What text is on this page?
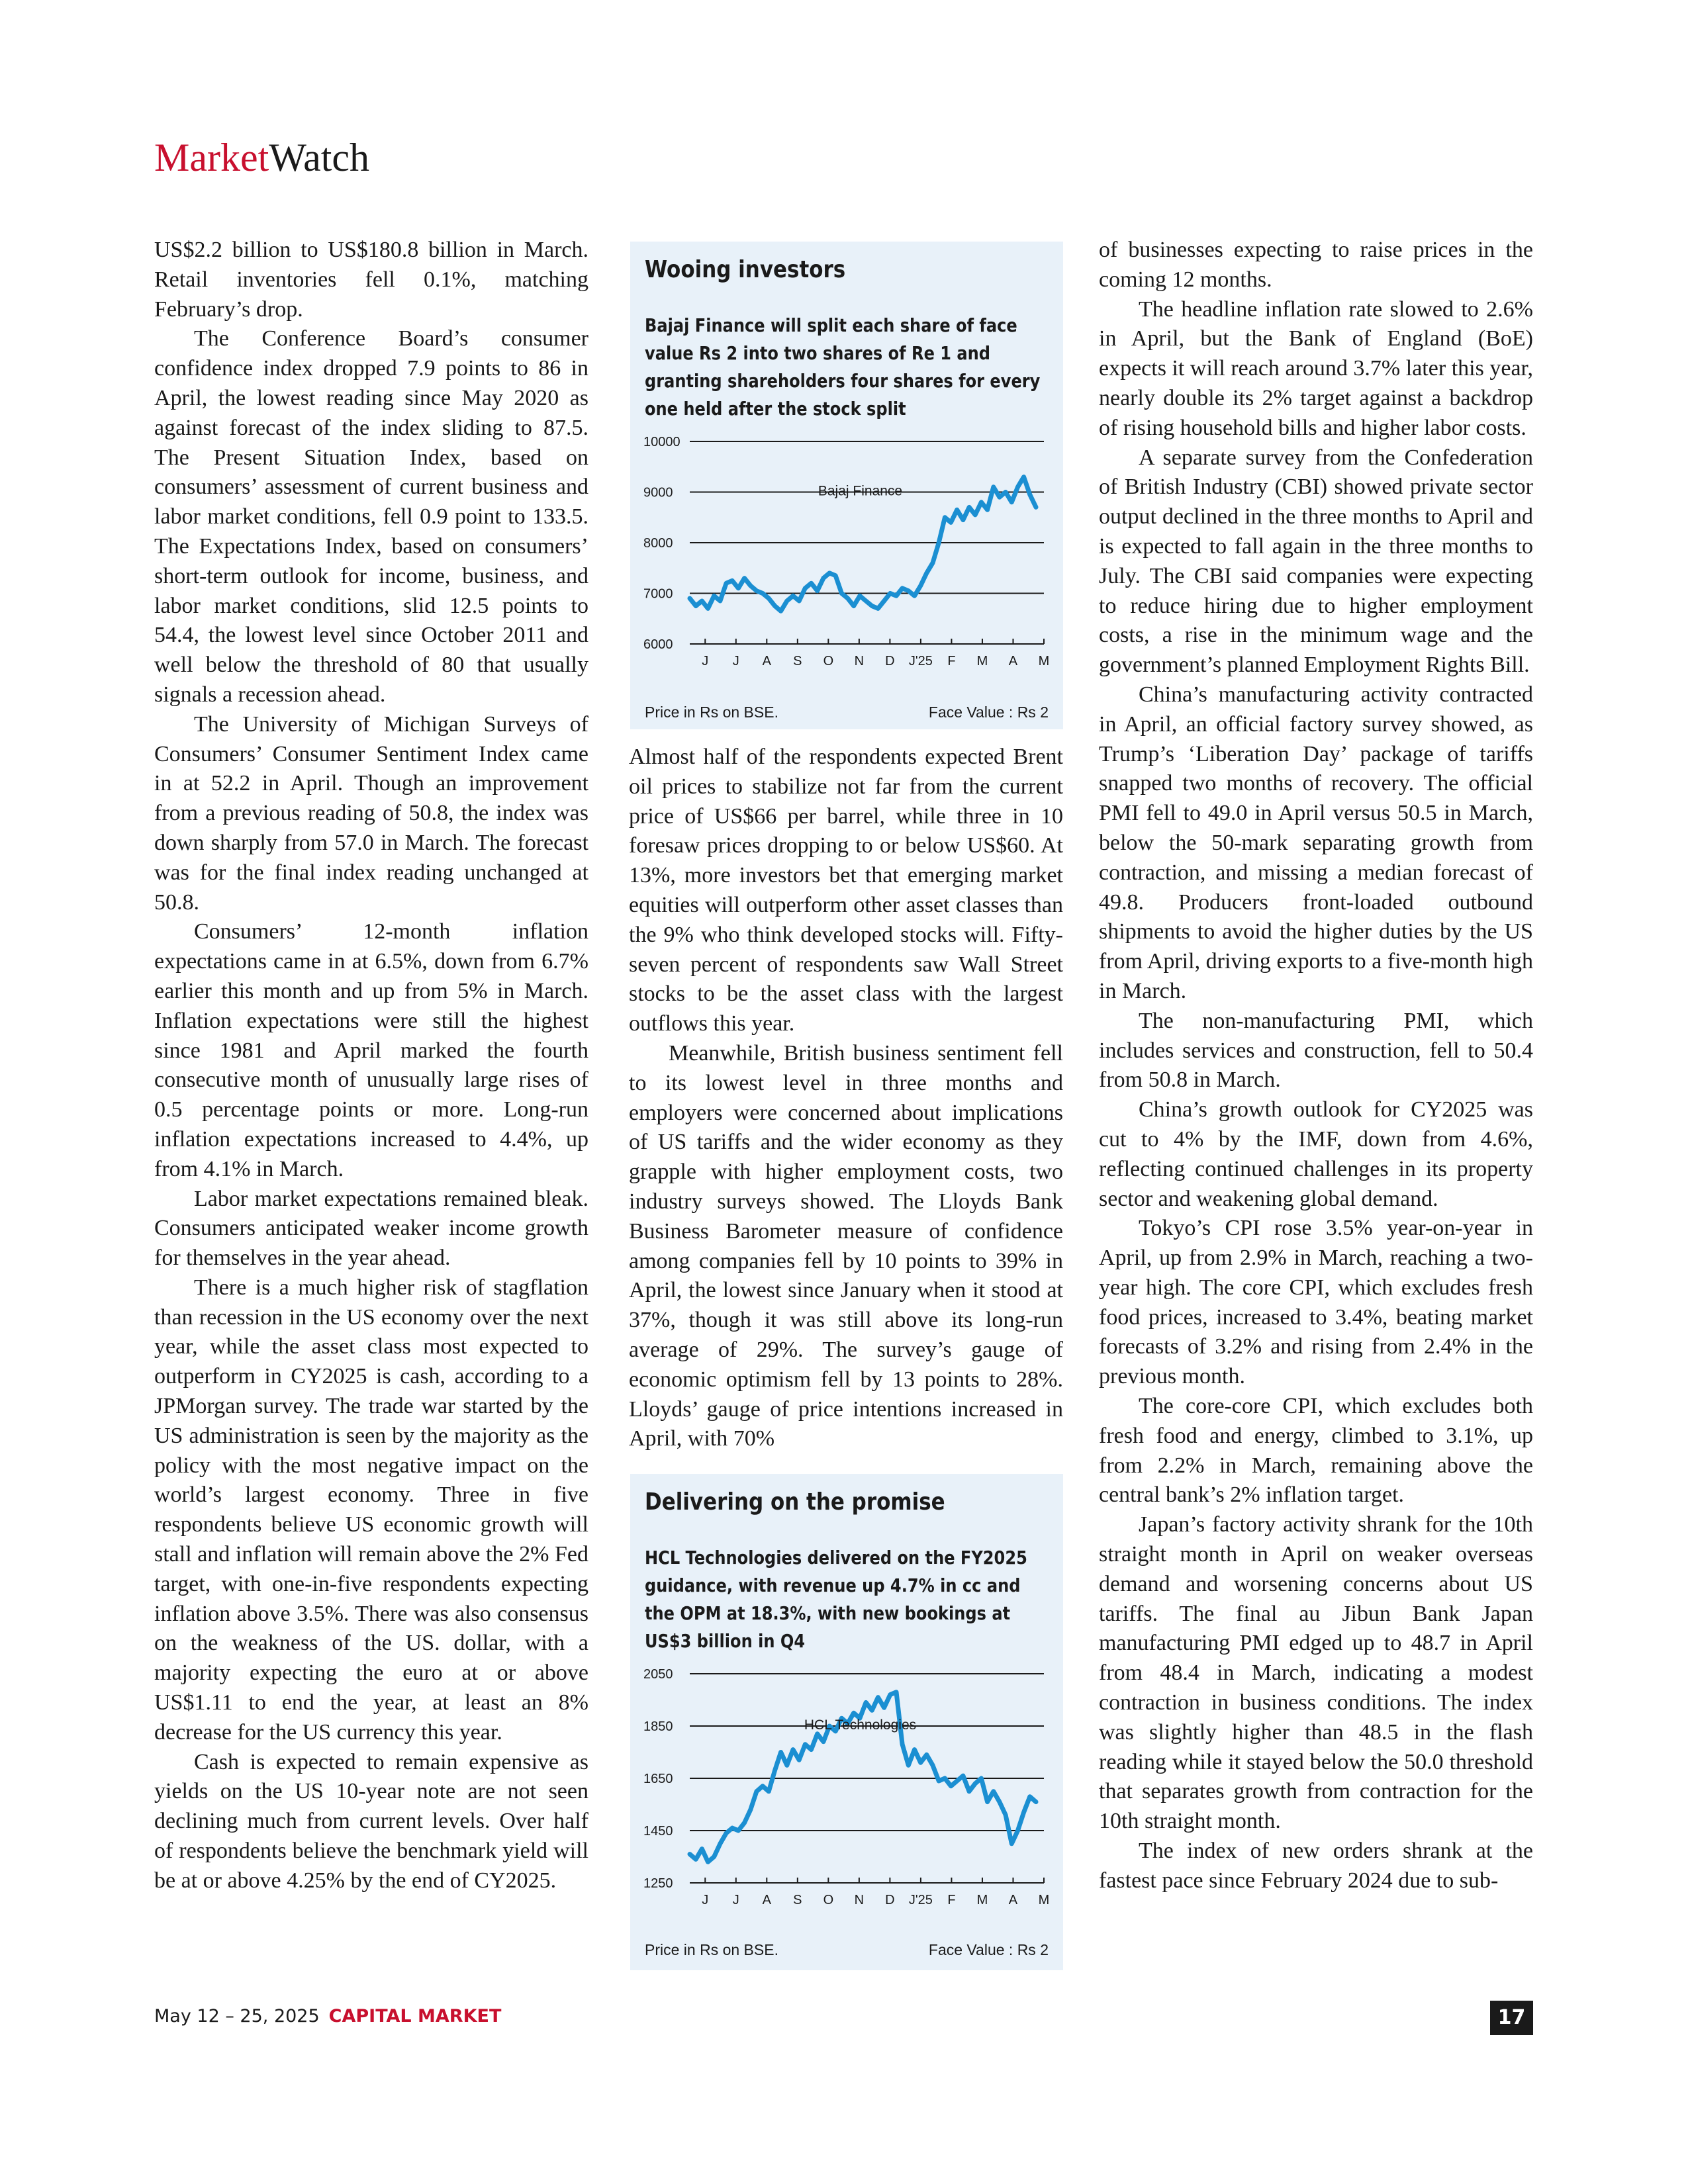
MarketWatch

US$2.2 billion to US$180.8 billion in March. Retail inventories fell 0.1%, matching February’s drop.

The Conference Board’s consumer confidence index dropped 7.9 points to 86 in April, the lowest reading since May 2020 as against forecast of the index sliding to 87.5. The Present Situation Index, based on consumers’ assessment of current business and labor market conditions, fell 0.9 point to 133.5. The Expectations Index, based on consumers’ short-term outlook for income, business, and labor market conditions, slid 12.5 points to 54.4, the lowest level since October 2011 and well below the threshold of 80 that usually signals a recession ahead.

The University of Michigan Surveys of Consumers’ Consumer Sentiment Index came in at 52.2 in April. Though an improvement from a previous reading of 50.8, the index was down sharply from 57.0 in March. The forecast was for the final index reading unchanged at 50.8.

Consumers’ 12-month inflation expectations came in at 6.5%, down from 6.7% earlier this month and up from 5% in March. Inflation expectations were still the highest since 1981 and April marked the fourth consecutive month of unusually large rises of 0.5 percentage points or more. Long-run inflation expectations increased to 4.4%, up from 4.1% in March.

Labor market expectations remained bleak. Consumers anticipated weaker income growth for themselves in the year ahead.

There is a much higher risk of stagflation than recession in the US economy over the next year, while the asset class most expected to outperform in CY2025 is cash, according to a JPMorgan survey. The trade war started by the US administration is seen by the majority as the policy with the most negative impact on the world’s largest economy. Three in five respondents believe US economic growth will stall and inflation will remain above the 2% Fed target, with one-in-five respondents expecting inflation above 3.5%. There was also consensus on the weakness of the US. dollar, with a majority expecting the euro at or above US$1.11 to end the year, at least an 8% decrease for the US currency this year.

Cash is expected to remain expensive as yields on the US 10-year note are not seen declining much from current levels. Over half of respondents believe the benchmark yield will be at or above 4.25% by the end of CY2025.

Wooing investors
Bajaj Finance will split each share of face value Rs 2 into two shares of Re 1 and granting shareholders four shares for every one held after the stock split
6000
7000
8000
9000
10000
J J A S O N D J'25 F M A M
Bajaj Finance
Price in Rs on BSE.	Face Value : Rs 2

Almost half of the respondents expected Brent oil prices to stabilize not far from the current price of US$66 per barrel, while three in 10 foresaw prices dropping to or below US$60. At 13%, more investors bet that emerging market equities will outperform other asset classes than the 9% who think developed stocks will. Fifty-seven percent of respondents saw Wall Street stocks to be the asset class with the largest outflows this year.

Meanwhile, British business sentiment fell to its lowest level in three months and employers were concerned about implications of US tariffs and the wider economy as they grapple with higher employment costs, two industry surveys showed. The Lloyds Bank Business Barometer measure of confidence among companies fell by 10 points to 39% in April, the lowest since January when it stood at 37%, though it was still above its long-run average of 29%. The survey’s gauge of economic optimism fell by 13 points to 28%. Lloyds’ gauge of price intentions increased in April, with 70%

Delivering on the promise
HCL Technologies delivered on the FY2025 guidance, with revenue up 4.7% in cc and the OPM at 18.3%, with new bookings at US$3 billion in Q4
1250
1450
1650
1850
2050
J J A S O N D J'25 F M A M
HCL Technologies
Price in Rs on BSE.	Face Value : Rs 2

of businesses expecting to raise prices in the coming 12 months.

The headline inflation rate slowed to 2.6% in April, but the Bank of England (BoE) expects it will reach around 3.7% later this year, nearly double its 2% target against a backdrop of rising household bills and higher labor costs.

A separate survey from the Confederation of British Industry (CBI) showed private sector output declined in the three months to April and is expected to fall again in the three months to July. The CBI said companies were expecting to reduce hiring due to higher employment costs, a rise in the minimum wage and the government’s planned Employment Rights Bill.

China’s manufacturing activity contracted in April, an official factory survey showed, as Trump’s ‘Liberation Day’ package of tariffs snapped two months of recovery. The official PMI fell to 49.0 in April versus 50.5 in March, below the 50-mark separating growth from contraction, and missing a median forecast of 49.8. Producers front-loaded outbound shipments to avoid the higher duties by the US from April, driving exports to a five-month high in March.

The non-manufacturing PMI, which includes services and construction, fell to 50.4 from 50.8 in March.

China’s growth outlook for CY2025 was cut to 4% by the IMF, down from 4.6%, reflecting continued challenges in its property sector and weakening global demand.

Tokyo’s CPI rose 3.5% year-on-year in April, up from 2.9% in March, reaching a two-year high. The core CPI, which excludes fresh food prices, increased to 3.4%, beating market forecasts of 3.2% and rising from 2.4% in the previous month.

The core-core CPI, which excludes both fresh food and energy, climbed to 3.1%, up from 2.2% in March, remaining above the central bank’s 2% inflation target.

Japan’s factory activity shrank for the 10th straight month in April on weaker overseas demand and worsening concerns about US tariffs. The final au Jibun Bank Japan manufacturing PMI edged up to 48.7 in April from 48.4 in March, indicating a modest contraction in business conditions. The index was slightly higher than 48.5 in the flash reading while it stayed below the 50.0 threshold that separates growth from contraction for the 10th straight month.

The index of new orders shrank at the fastest pace since February 2024 due to sub-

May 12 – 25, 2025 CAPITAL MARKET	17
